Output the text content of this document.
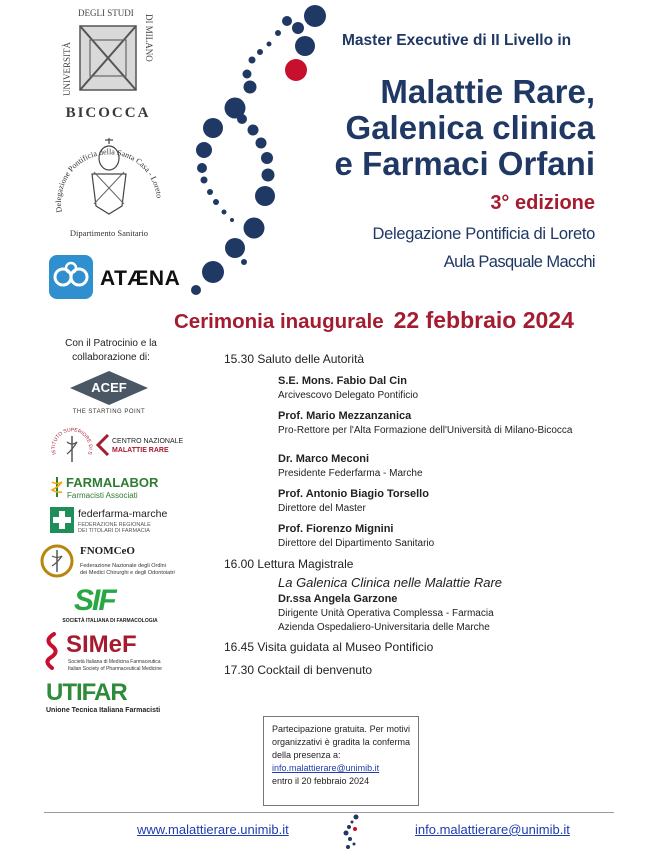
UNIVERSITÀ
DEGLI STUDI DI MILANO
BICOCCA
Delegazione Pontificia della Santa Casa - Loreto
Dipartimento Sanitario
ATÆNA
Master Executive di II Livello in
Malattie Rare,
Galenica clinica
e Farmaci Orfani
3° edizione
Delegazione Pontificia di Loreto
Aula Pasquale Macchi
Cerimonia inaugurale 22 febbraio 2024
Con il Patrocinio e la collaborazione di:
ACEF
THE STARTING POINT
ISTITUTO SUPERIORE DI S
CENTRO NAZIONALE
MALATTIE RARE
FARMALABOR
Farmacisti Associati
federfarma-marche
FEDERAZIONE REGIONALE
DEI TITOLARI DI FARMACIA
FNOMCeO
Federazione Nazionale degli Ordini
dei Medici Chirurghi e degli Odontoiatri
SIF
SOCIETÀ ITALIANA DI FARMACOLOGIA
SIMeF
Società Italiana di Medicina Farmaceutica
Italian Society of Pharmaceutical Medicine
UTIFAR
Unione Tecnica Italiana Farmacisti
15.30 Saluto delle Autorità
S.E. Mons. Fabio Dal Cin
Arcivescovo Delegato Pontificio
Prof. Mario Mezzanzanica
Pro-Rettore per l'Alta Formazione dell'Università di Milano-Bicocca
Dr. Marco Meconi
Presidente Federfarma - Marche
Prof. Antonio Biagio Torsello
Direttore del Master
Prof. Fiorenzo Mignini
Direttore del Dipartimento Sanitario
16.00 Lettura Magistrale
La Galenica Clinica nelle Malattie Rare
Dr.ssa Angela Garzone
Dirigente Unità Operativa Complessa - Farmacia
Azienda Ospedaliero-Universitaria delle Marche
16.45 Visita guidata al Museo Pontificio
17.30 Cocktail di benvenuto
Partecipazione gratuita. Per motivi organizzativi è gradita la conferma della presenza a:
info.malattierare@unimib.it
entro il 20 febbraio 2024
www.malattierare.unimib.it	info.malattierare@unimib.it
